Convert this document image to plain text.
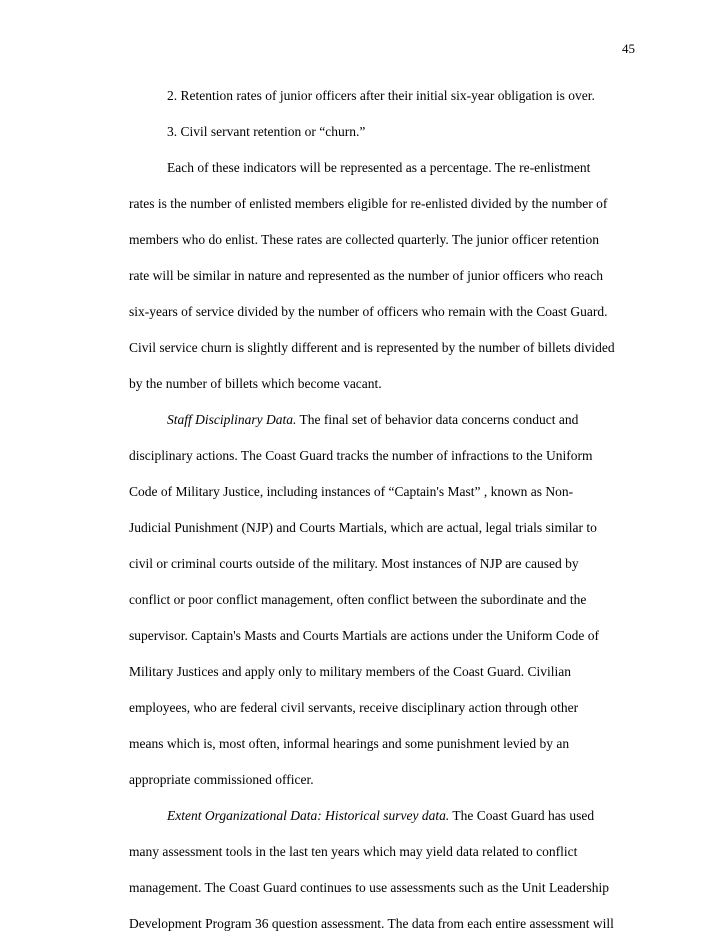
45
2. Retention rates of junior officers after their initial six-year obligation is over.
3. Civil servant retention or “churn.”
Each of these indicators will be represented as a percentage. The re-enlistment
rates is the number of enlisted members eligible for re-enlisted divided by the number of
members who do enlist. These rates are collected quarterly. The junior officer retention
rate will be similar in nature and represented as the number of junior officers who reach
six-years of service divided by the number of officers who remain with the Coast Guard.
Civil service churn is slightly different and is represented by the number of billets divided
by the number of billets which become vacant.
Staff Disciplinary Data. The final set of behavior data concerns conduct and
disciplinary actions. The Coast Guard tracks the number of infractions to the Uniform
Code of Military Justice, including instances of “Captain's Mast” , known as Non-
Judicial Punishment (NJP) and Courts Martials, which are actual, legal trials similar to
civil or criminal courts outside of the military. Most instances of NJP are caused by
conflict or poor conflict management, often conflict between the subordinate and the
supervisor. Captain's Masts and Courts Martials are actions under the Uniform Code of
Military Justices and apply only to military members of the Coast Guard. Civilian
employees, who are federal civil servants, receive disciplinary action through other
means which is, most often, informal hearings and some punishment levied by an
appropriate commissioned officer.
Extent Organizational Data: Historical survey data. The Coast Guard has used
many assessment tools in the last ten years which may yield data related to conflict
management. The Coast Guard continues to use assessments such as the Unit Leadership
Development Program 36 question assessment. The data from each entire assessment will
